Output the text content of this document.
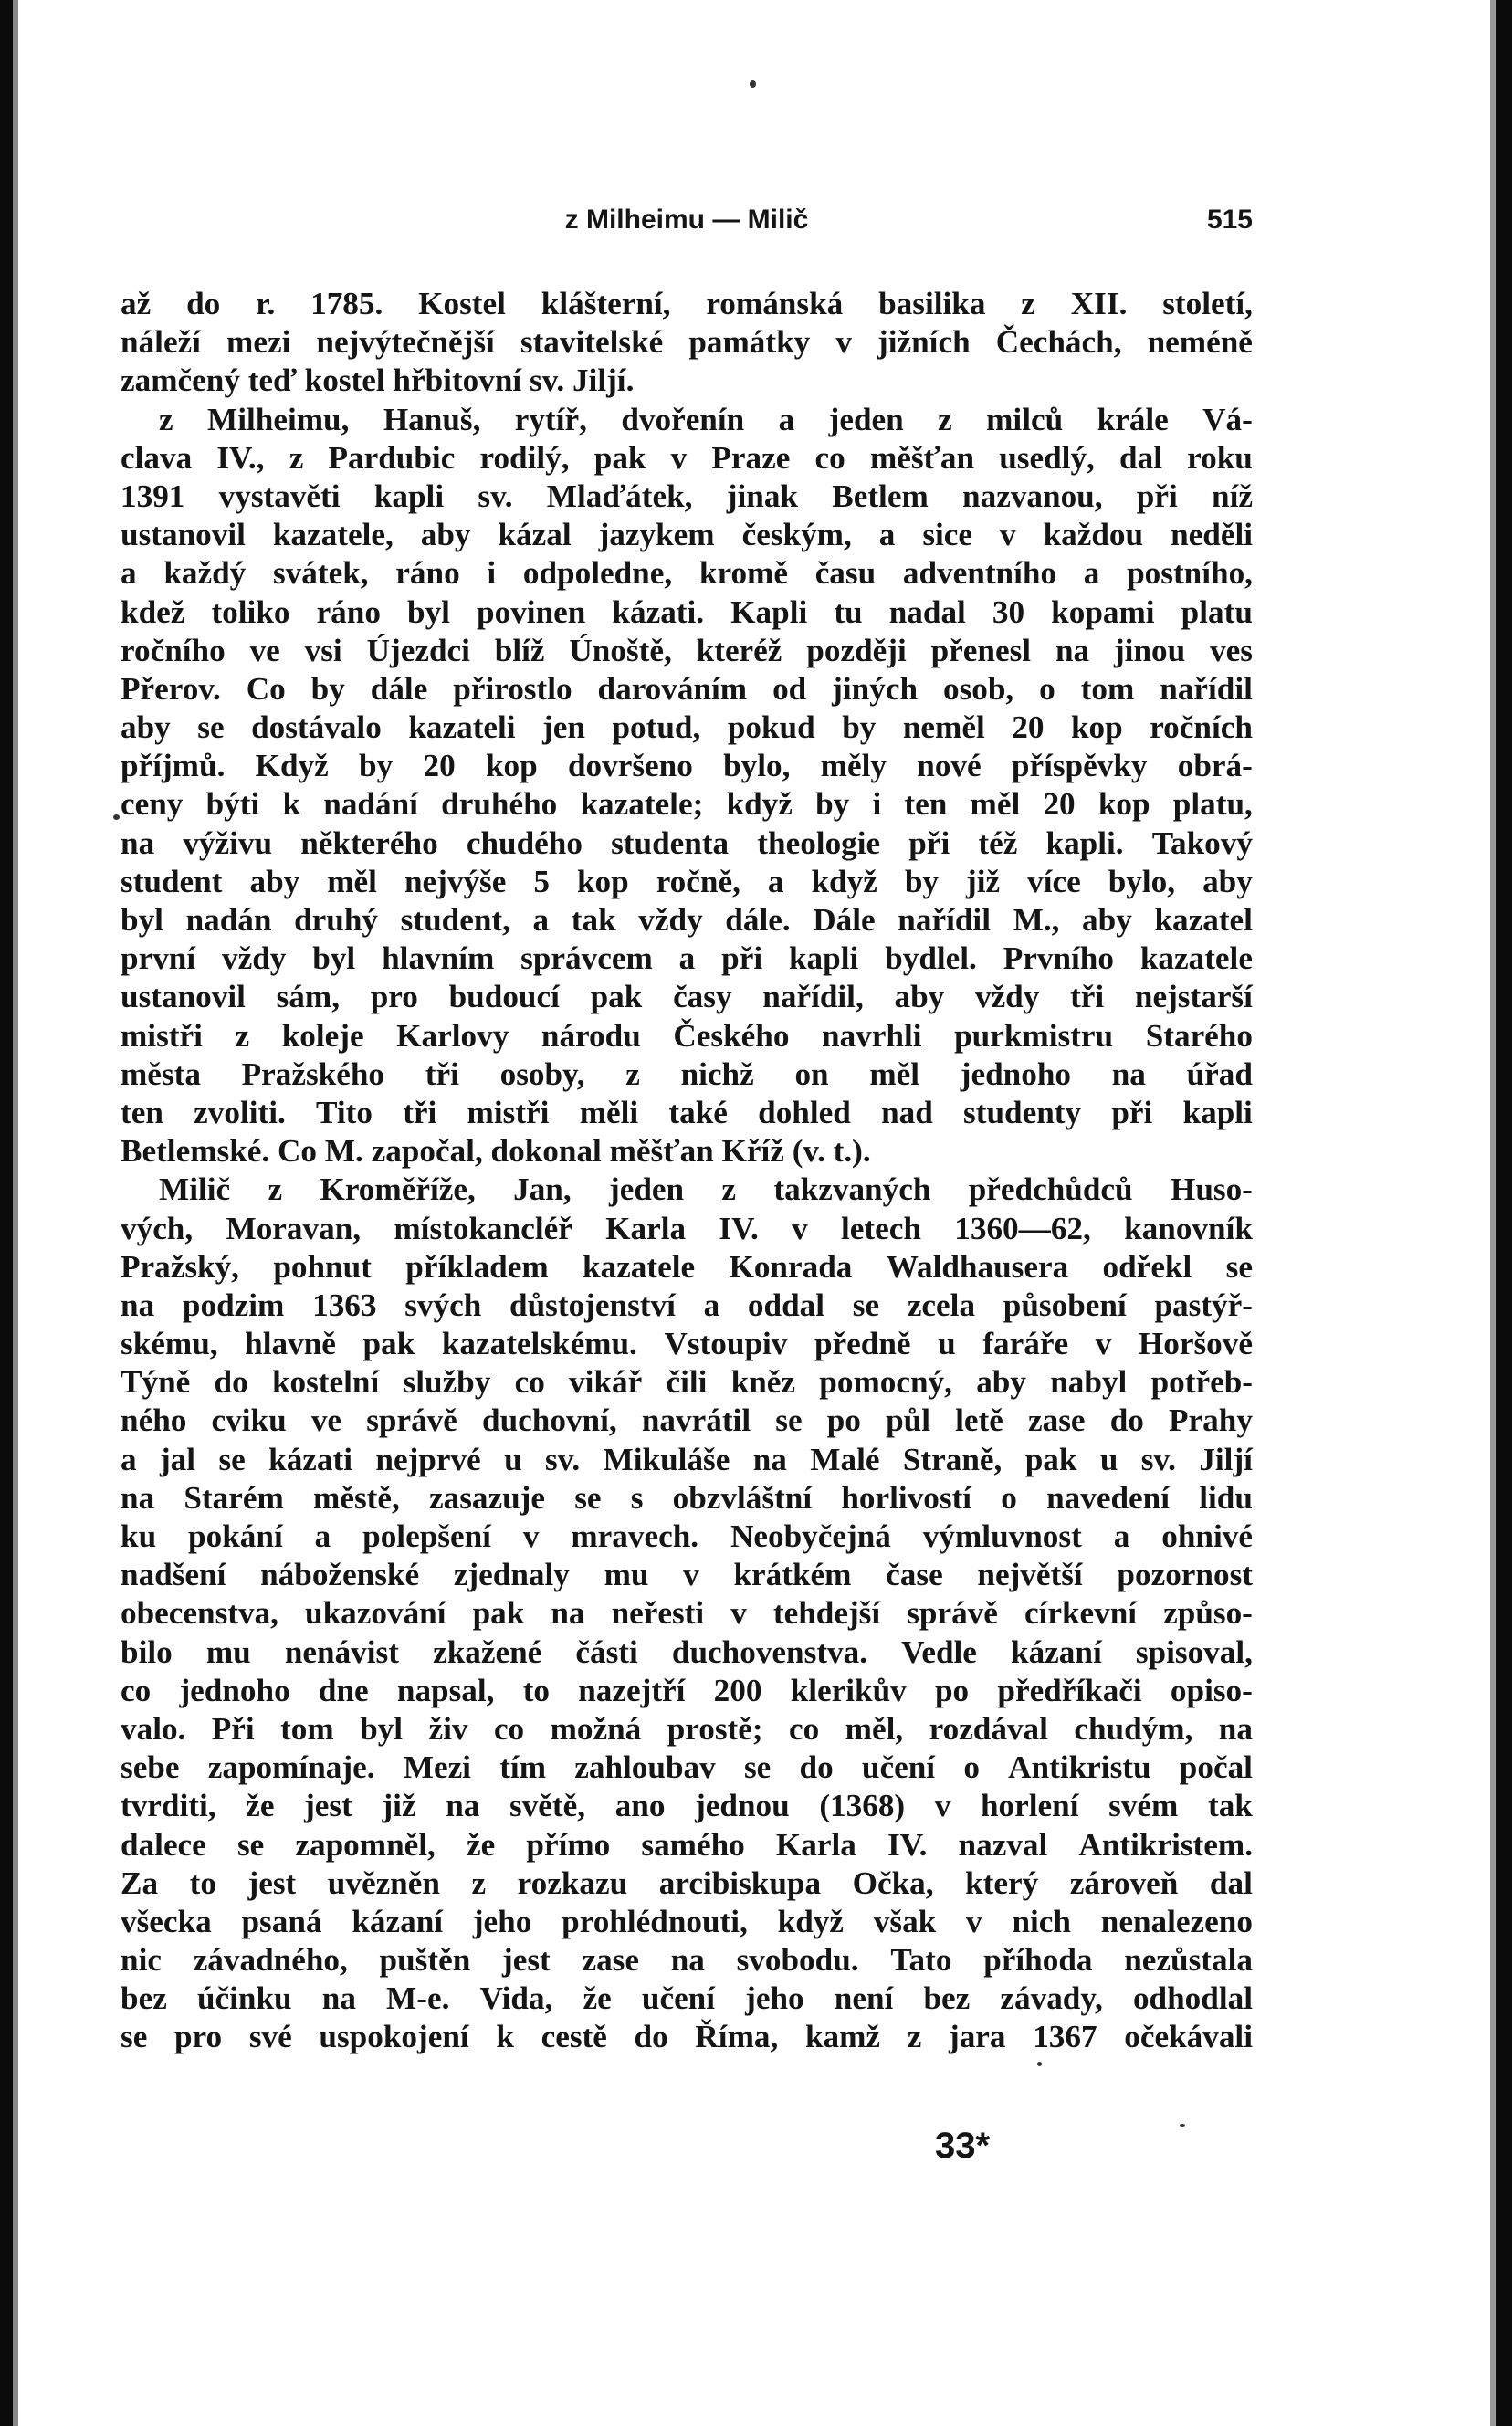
z Milheimu — Milič	515
až do r. 1785. Kostel klášterní, románská basilika z XII. století,
náleží mezi nejvýtečnější stavitelské památky v jižních Čechách, neméně
zamčený teď kostel hřbitovní sv. Jiljí.
z Milheimu, Hanuš, rytíř, dvořenín a jeden z milců krále Vá-
clava IV., z Pardubic rodilý, pak v Praze co měšťan usedlý, dal roku
1391 vystavěti kapli sv. Mlaďátek, jinak Betlem nazvanou, při níž
ustanovil kazatele, aby kázal jazykem českým, a sice v každou neděli
a každý svátek, ráno i odpoledne, kromě času adventního a postního,
kdež toliko ráno byl povinen kázati. Kapli tu nadal 30 kopami platu
ročního ve vsi Újezdci blíž Únoště, kteréž později přenesl na jinou ves
Přerov. Co by dále přirostlo darováním od jiných osob, o tom nařídil
aby se dostávalo kazateli jen potud, pokud by neměl 20 kop ročních
příjmů. Když by 20 kop dovršeno bylo, měly nové příspěvky obrá-
ceny býti k nadání druhého kazatele; když by i ten měl 20 kop platu,
na výživu některého chudého studenta theologie při též kapli. Takový
student aby měl nejvýše 5 kop ročně, a když by již více bylo, aby
byl nadán druhý student, a tak vždy dále. Dále nařídil M., aby kazatel
první vždy byl hlavním správcem a při kapli bydlel. Prvního kazatele
ustanovil sám, pro budoucí pak časy nařídil, aby vždy tři nejstarší
mistři z koleje Karlovy národu Českého navrhli purkmistru Starého
města Pražského tři osoby, z nichž on měl jednoho na úřad
ten zvoliti. Tito tři mistři měli také dohled nad studenty při kapli
Betlemské. Co M. započal, dokonal měšťan Kříž (v. t.).
Milič z Kroměříže, Jan, jeden z takzvaných předchůdců Huso-
vých, Moravan, místokancléř Karla IV. v letech 1360—62, kanovník
Pražský, pohnut příkladem kazatele Konrada Waldhausera odřekl se
na podzim 1363 svých důstojenství a oddal se zcela působení pastýř-
skému, hlavně pak kazatelskému. Vstoupiv předně u faráře v Horšově
Týně do kostelní služby co vikář čili kněz pomocný, aby nabyl potřeb-
ného cviku ve správě duchovní, navrátil se po půl letě zase do Prahy
a jal se kázati nejprvé u sv. Mikuláše na Malé Straně, pak u sv. Jiljí
na Starém městě, zasazuje se s obzvláštní horlivostí o navedení lidu
ku pokání a polepšení v mravech. Neobyčejná výmluvnost a ohnivé
nadšení náboženské zjednaly mu v krátkém čase největší pozornost
obecenstva, ukazování pak na neřesti v tehdejší správě církevní způso-
bilo mu nenávist zkažené části duchovenstva. Vedle kázaní spisoval,
co jednoho dne napsal, to nazejtří 200 klerikův po předříkači opiso-
valo. Při tom byl živ co možná prostě; co měl, rozdával chudým, na
sebe zapomínaje. Mezi tím zahloubav se do učení o Antikristu počal
tvrditi, že jest již na světě, ano jednou (1368) v horlení svém tak
dalece se zapomněl, že přímo samého Karla IV. nazval Antikristem.
Za to jest uvězněn z rozkazu arcibiskupa Očka, který zároveň dal
všecka psaná kázaní jeho prohlédnouti, když však v nich nenalezeno
nic závadného, puštěn jest zase na svobodu. Tato příhoda nezůstala
bez účinku na M-e. Vida, že učení jeho není bez závady, odhodlal
se pro své uspokojení k cestě do Říma, kamž z jara 1367 očekávali
33*
